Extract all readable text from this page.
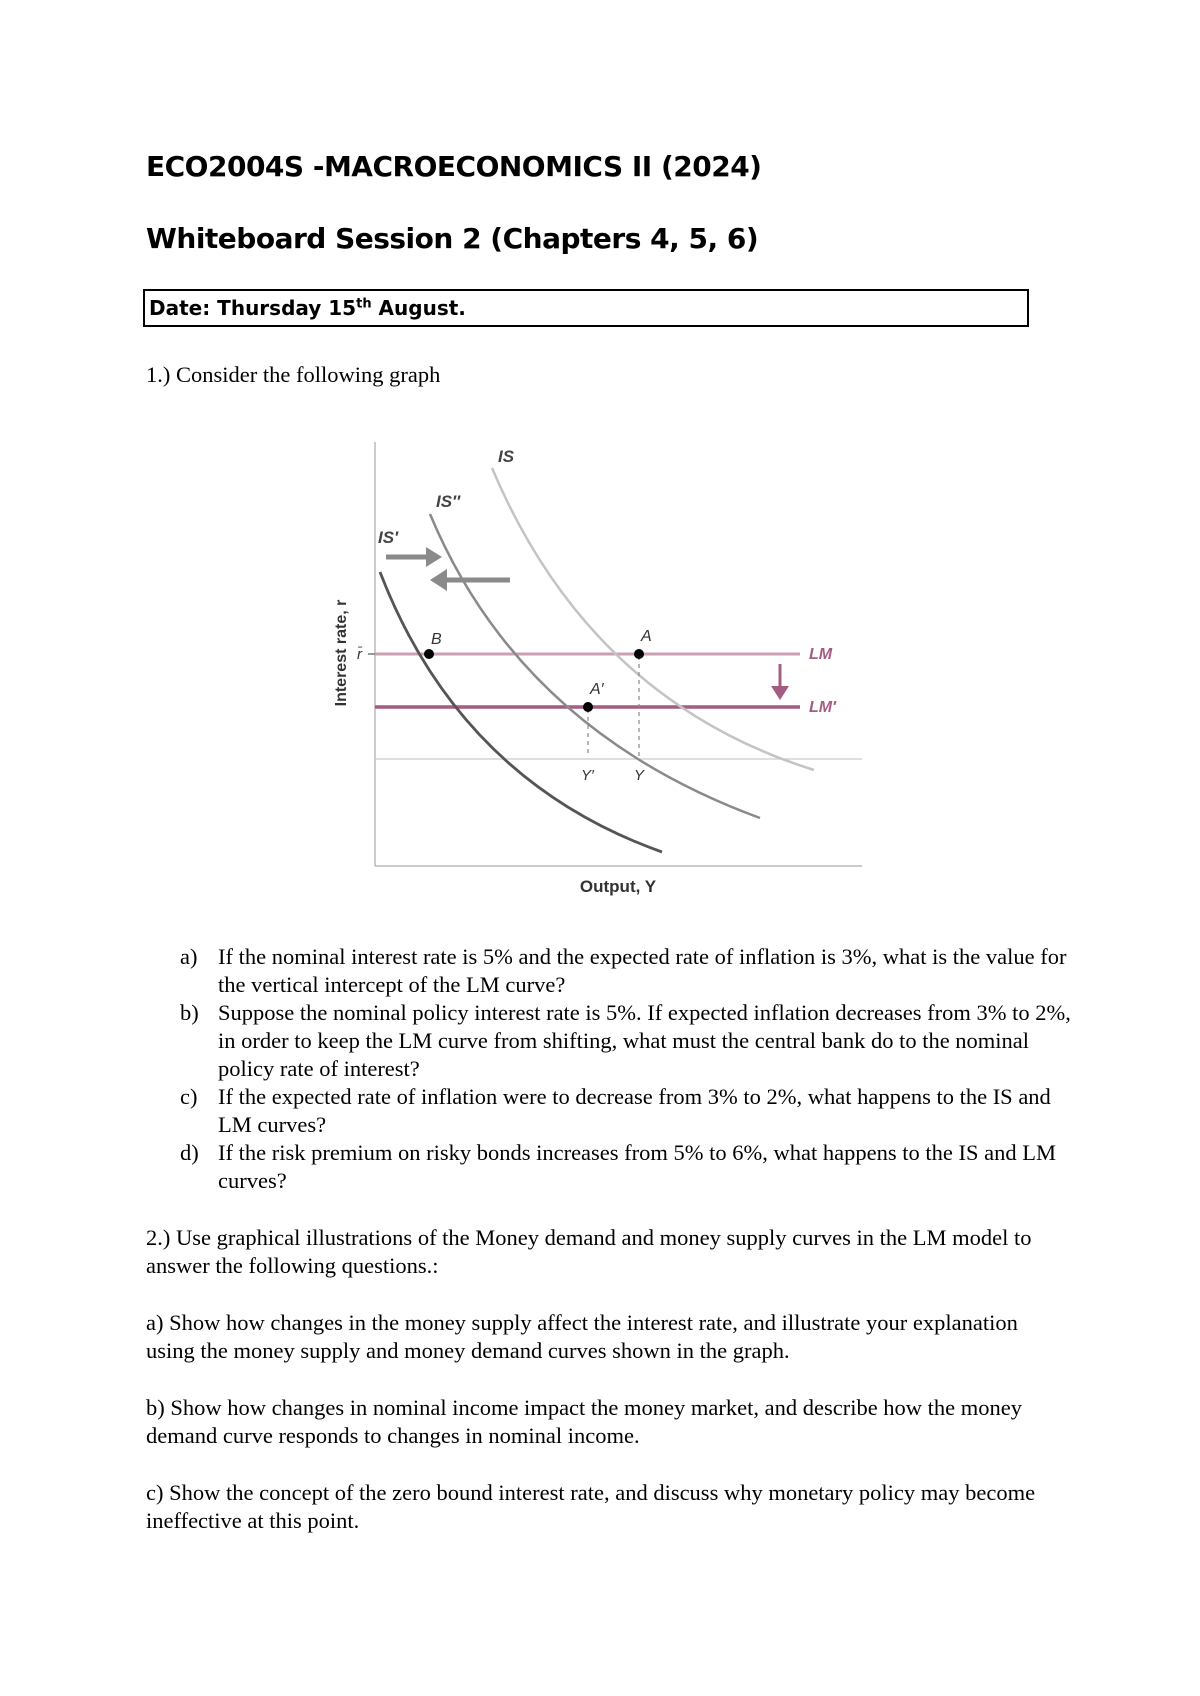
ECO2004S -MACROECONOMICS II (2024)
Whiteboard Session 2 (Chapters 4, 5, 6)
Date: Thursday 15th August.
1.) Consider the following graph
IS
IS″
IS′
LM
LM′
A
A′
B
Y′	Y
r̄
Output, Y
Interest rate, r
a) If the nominal interest rate is 5% and the expected rate of inflation is 3%, what is the value for the vertical intercept of the LM curve?
b) Suppose the nominal policy interest rate is 5%. If expected inflation decreases from 3% to 2%, in order to keep the LM curve from shifting, what must the central bank do to the nominal policy rate of interest?
c) If the expected rate of inflation were to decrease from 3% to 2%, what happens to the IS and LM curves?
d) If the risk premium on risky bonds increases from 5% to 6%, what happens to the IS and LM curves?
2.) Use graphical illustrations of the Money demand and money supply curves in the LM model to answer the following questions.:
a) Show how changes in the money supply affect the interest rate, and illustrate your explanation using the money supply and money demand curves shown in the graph.
b) Show how changes in nominal income impact the money market, and describe how the money demand curve responds to changes in nominal income.
c) Show the concept of the zero bound interest rate, and discuss why monetary policy may become ineffective at this point.
